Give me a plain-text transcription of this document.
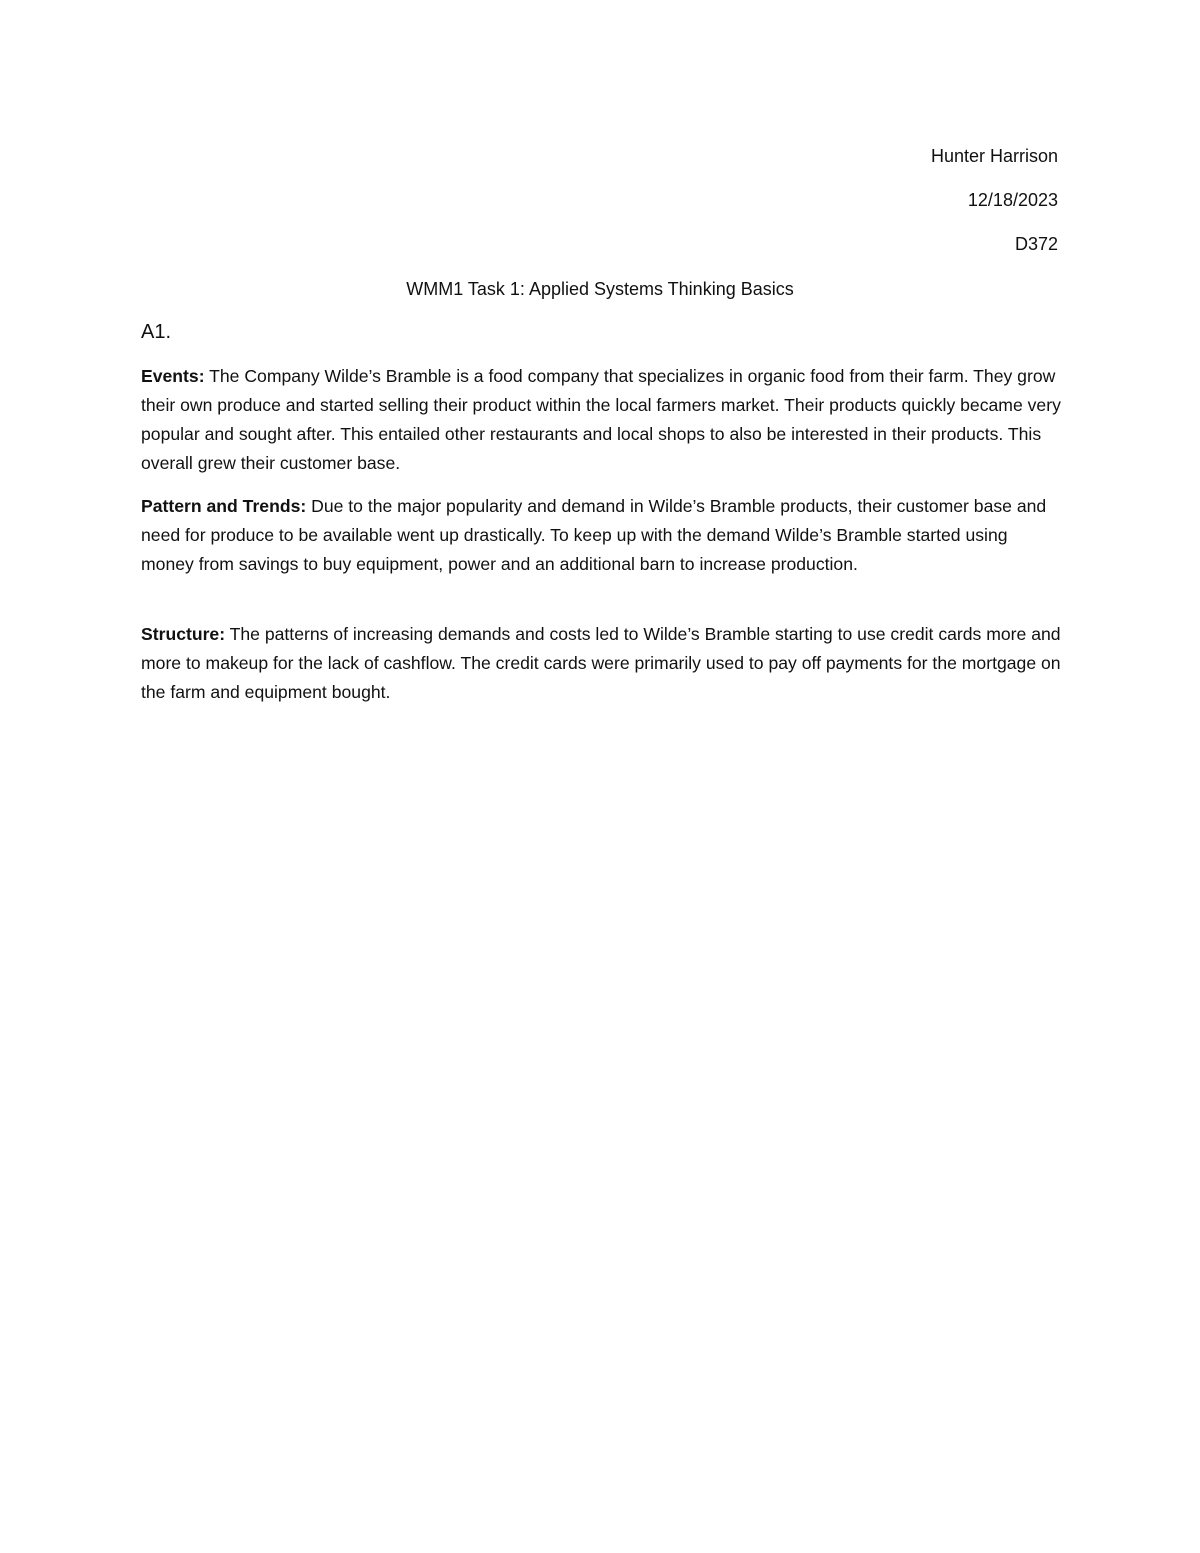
Hunter Harrison
12/18/2023
D372
WMM1 Task 1: Applied Systems Thinking Basics
A1.

Events: The Company Wilde’s Bramble is a food company that specializes in organic food from their farm. They grow their own produce and started selling their product within the local farmers market. Their products quickly became very popular and sought after. This entailed other restaurants and local shops to also be interested in their products. This overall grew their customer base.

Pattern and Trends: Due to the major popularity and demand in Wilde’s Bramble products, their customer base and need for produce to be available went up drastically. To keep up with the demand Wilde’s Bramble started using money from savings to buy equipment, power and an additional barn to increase production.

Structure: The patterns of increasing demands and costs led to Wilde’s Bramble starting to use credit cards more and more to makeup for the lack of cashflow. The credit cards were primarily used to pay off payments for the mortgage on the farm and equipment bought.
